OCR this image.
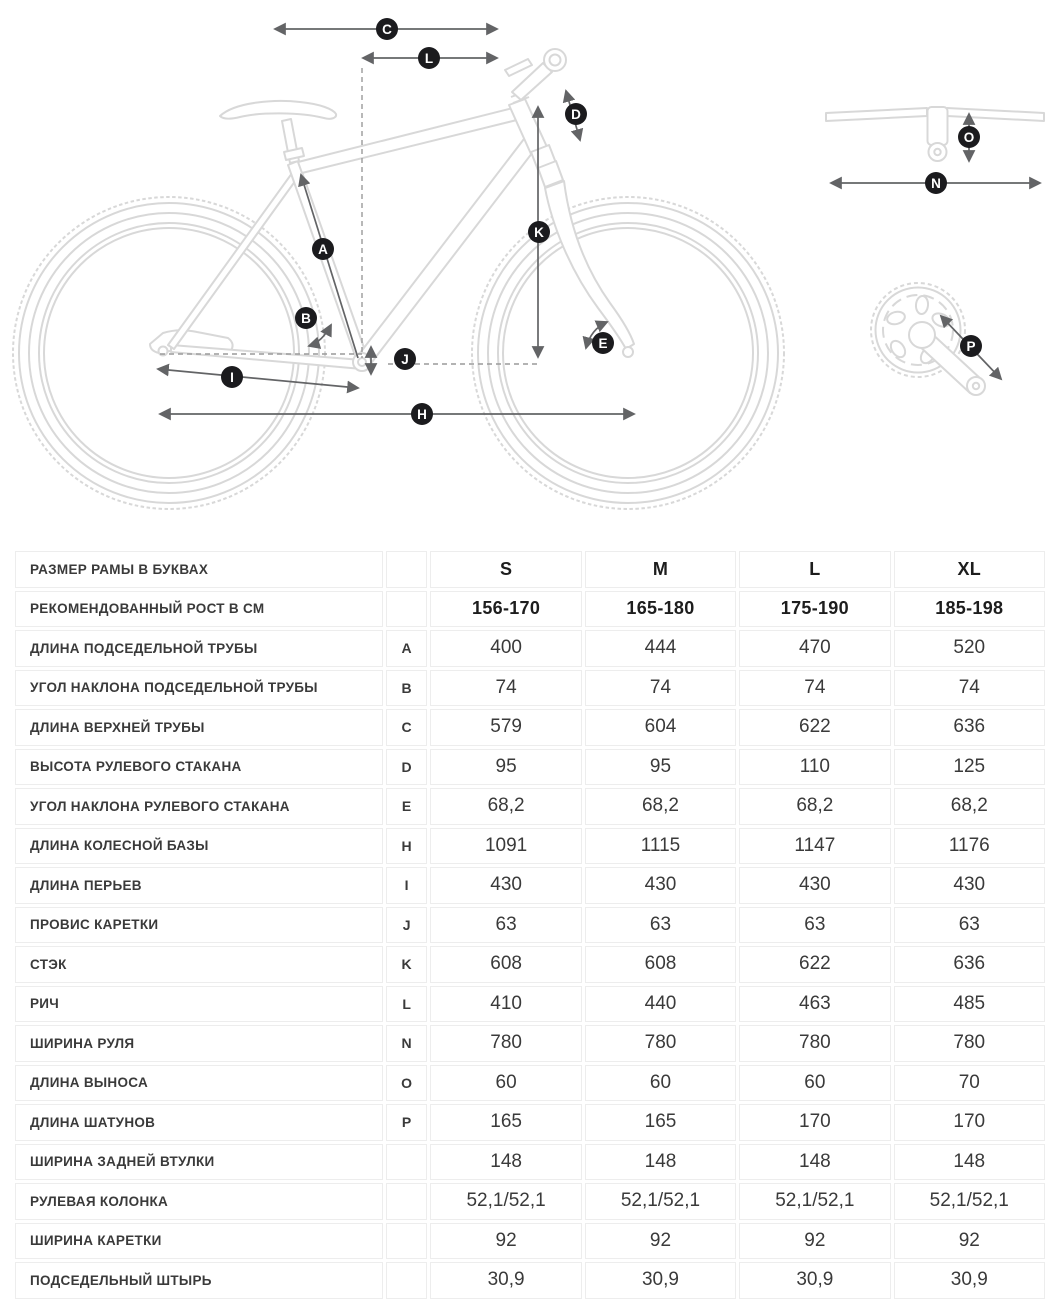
C
L
D
K
A
B
E
J
I
H
O
N
P
РАЗМЕР РАМЫ В БУКВАХ		S	M	L	XL
РЕКОМЕНДОВАННЫЙ РОСТ В СМ		156-170	165-180	175-190	185-198
ДЛИНА ПОДСЕДЕЛЬНОЙ ТРУБЫ	A	400	444	470	520
УГОЛ НАКЛОНА ПОДСЕДЕЛЬНОЙ ТРУБЫ	B	74	74	74	74
ДЛИНА ВЕРХНЕЙ ТРУБЫ	C	579	604	622	636
ВЫСОТА РУЛЕВОГО СТАКАНА	D	95	95	110	125
УГОЛ НАКЛОНА РУЛЕВОГО СТАКАНА	E	68,2	68,2	68,2	68,2
ДЛИНА КОЛЕСНОЙ БАЗЫ	H	1091	1115	1147	1176
ДЛИНА ПЕРЬЕВ	I	430	430	430	430
ПРОВИС КАРЕТКИ	J	63	63	63	63
СТЭК	K	608	608	622	636
РИЧ	L	410	440	463	485
ШИРИНА РУЛЯ	N	780	780	780	780
ДЛИНА ВЫНОСА	O	60	60	60	70
ДЛИНА ШАТУНОВ	P	165	165	170	170
ШИРИНА ЗАДНЕЙ ВТУЛКИ		148	148	148	148
РУЛЕВАЯ КОЛОНКА		52,1/52,1	52,1/52,1	52,1/52,1	52,1/52,1
ШИРИНА КАРЕТКИ		92	92	92	92
ПОДСЕДЕЛЬНЫЙ ШТЫРЬ		30,9	30,9	30,9	30,9
